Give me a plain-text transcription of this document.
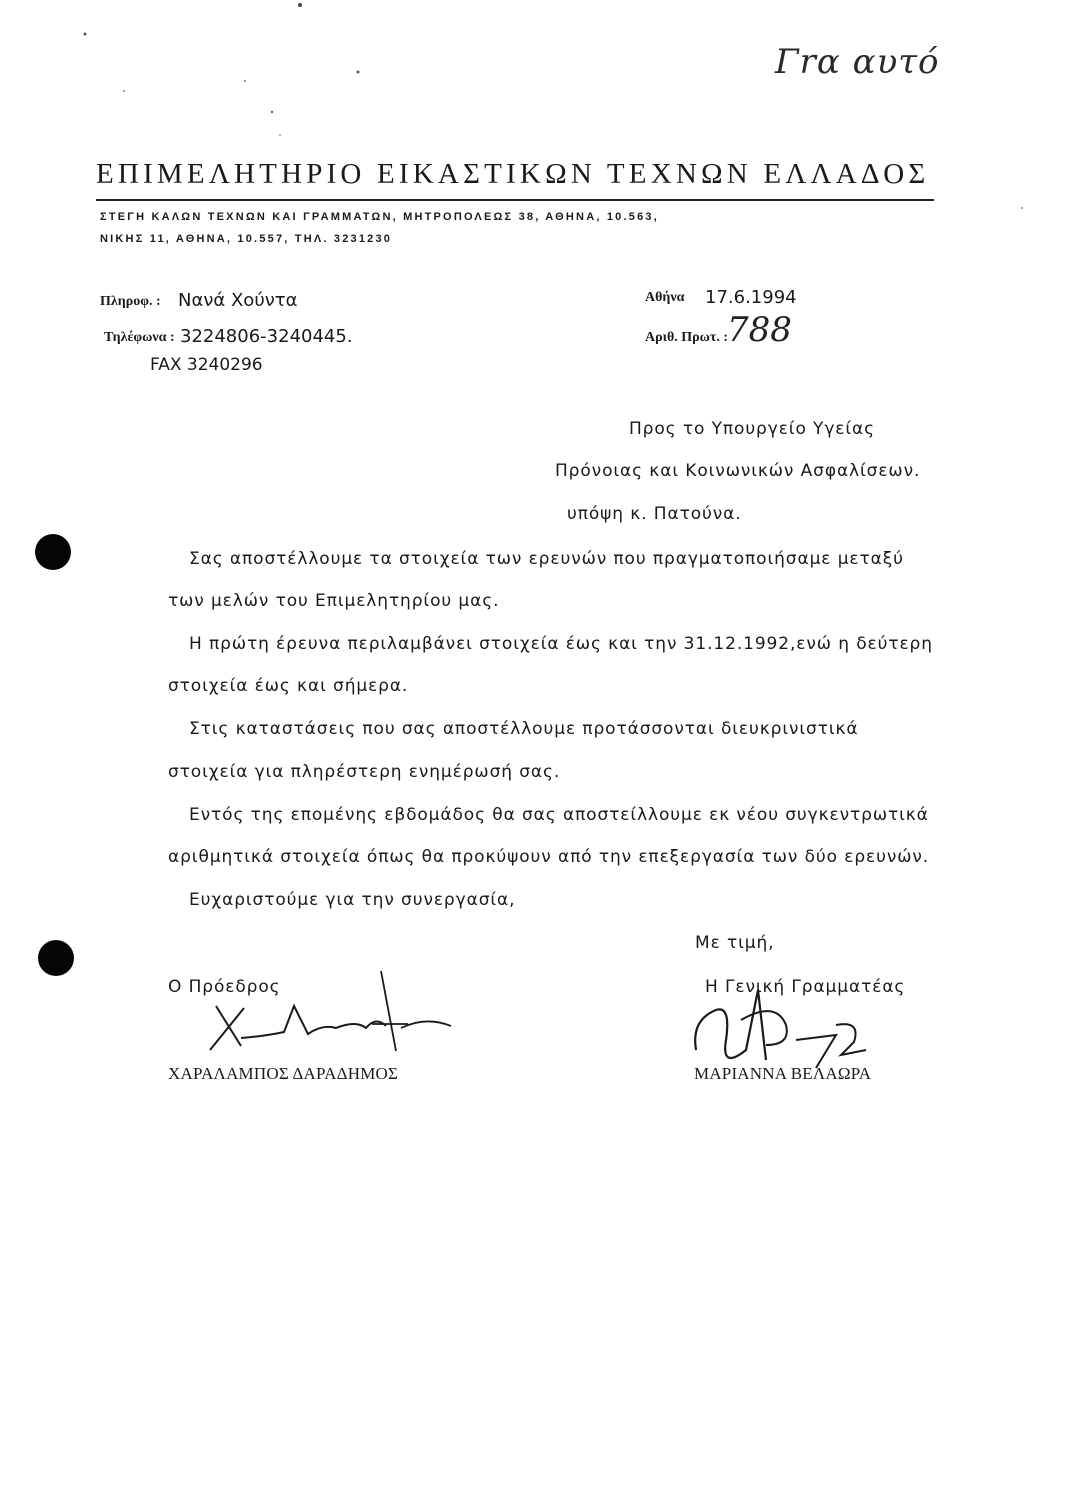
Γrα αυτό
ΕΠΙΜΕΛΗΤΗΡΙΟ ΕΙΚΑΣΤΙΚΩΝ ΤΕΧΝΩΝ ΕΛΛΑΔΟΣ
ΣΤΕΓΗ ΚΑΛΩΝ ΤΕΧΝΩΝ ΚΑΙ ΓΡΑΜΜΑΤΩΝ, ΜΗΤΡΟΠΟΛΕΩΣ 38, ΑΘΗΝΑ, 10.563,
ΝΙΚΗΣ 11, ΑΘΗΝΑ, 10.557, ΤΗΛ. 3231230
Πληροφ. : Νανά Χούντα
Τηλέφωνα : 3224806-3240445.
FAX 3240296
Αθήνα 17.6.1994
Αριθ. Πρωτ. : 788
Προς το Υπουργείο Υγείας
Πρόνοιας και Κοινωνικών Ασφαλίσεων.
υπόψη κ. Πατούνα.
Σας αποστέλλουμε τα στοιχεία των ερευνών που πραγματοποιήσαμε μεταξύ
των μελών του Επιμελητηρίου μας.
Η πρώτη έρευνα περιλαμβάνει στοιχεία έως και την 31.12.1992,ενώ η δεύτερη
στοιχεία έως και σήμερα.
Στις καταστάσεις που σας αποστέλλουμε προτάσσονται διευκρινιστικά
στοιχεία για πληρέστερη ενημέρωσή σας.
Εντός της επομένης εβδομάδος θα σας αποστείλλουμε εκ νέου συγκεντρωτικά
αριθμητικά στοιχεία όπως θα προκύψουν από την επεξεργασία των δύο ερευνών.
Ευχαριστούμε για την συνεργασία,
Με τιμή,
Ο Πρόεδρος	Η Γενική Γραμματέας
ΧΑΡΑΛΑΜΠΟΣ ΔΑΡΑΔΗΜΟΣ	ΜΑΡΙΑΝΝΑ ΒΕΛΑΩΡΑ
